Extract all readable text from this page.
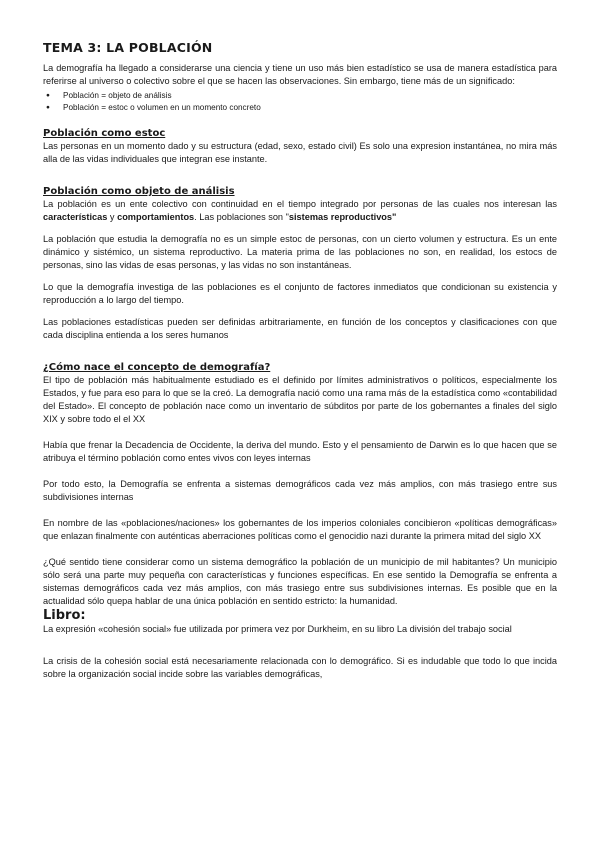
TEMA 3: LA POBLACIÓN

La demografía ha llegado a considerarse una ciencia y tiene un uso más bien estadístico se usa de manera estadística para referirse al universo o colectivo sobre el que se hacen las observaciones. Sin embargo, tiene más de un significado:

● Población = objeto de análisis
● Población = estoc o volumen en un momento concreto
Población como estoc

Las personas en un momento dado y su estructura (edad, sexo, estado civil) Es solo una expresion instantánea, no mira más alla de las vidas individuales que integran ese instante.

Población como objeto de análisis

La población es un ente colectivo con continuidad en el tiempo integrado por personas de las cuales nos interesan las características y comportamientos. Las poblaciones son "sistemas reproductivos"

La población que estudia la demografía no es un simple estoc de personas, con un cierto volumen y estructura. Es un ente dinámico y sistémico, un sistema reproductivo. La materia prima de las poblaciones no son, en realidad, los estocs de personas, sino las vidas de esas personas, y las vidas no son instantáneas.

Lo que la demografía investiga de las poblaciones es el conjunto de factores inmediatos que condicionan su existencia y reproducción a lo largo del tiempo.

Las poblaciones estadísticas pueden ser definidas arbitrariamente, en función de los conceptos y clasificaciones con que cada disciplina entienda a los seres humanos

¿Cómo nace el concepto de demografía?

El tipo de población más habitualmente estudiado es el definido por límites administrativos o políticos, especialmente los Estados, y fue para eso para lo que se la creó. La demografía nació como una rama más de la estadística como «contabilidad del Estado». El concepto de población nace como un inventario de súbditos por parte de los gobernantes a finales del siglo XIX y sobre todo el el XX

Había que frenar la Decadencia de Occidente, la deriva del mundo. Esto y el pensamiento de Darwin es lo que hacen que se atribuya el término población como entes vivos con leyes internas

Por todo esto, la Demografía se enfrenta a sistemas demográficos cada vez más amplios, con más trasiego entre sus subdivisiones internas

En nombre de las «poblaciones/naciones» los gobernantes de los imperios coloniales concibieron «políticas demográficas» que enlazan finalmente con auténticas aberraciones políticas como el genocidio nazi durante la primera mitad del siglo XX

¿Qué sentido tiene considerar como un sistema demográfico la población de un municipio de mil habitantes? Un municipio sólo será una parte muy pequeña con características y funciones específicas. En ese sentido la Demografía se enfrenta a sistemas demográficos cada vez más amplios, con más trasiego entre sus subdivisiones internas. Es posible que en la actualidad sólo quepa hablar de una única población en sentido estricto: la humanidad.

Libro:

La expresión «cohesión social» fue utilizada por primera vez por Durkheim, en su libro La división del trabajo social

La crisis de la cohesión social está necesariamente relacionada con lo demográfico. Si es indudable que todo lo que incida sobre la organización social incide sobre las variables demográficas,
